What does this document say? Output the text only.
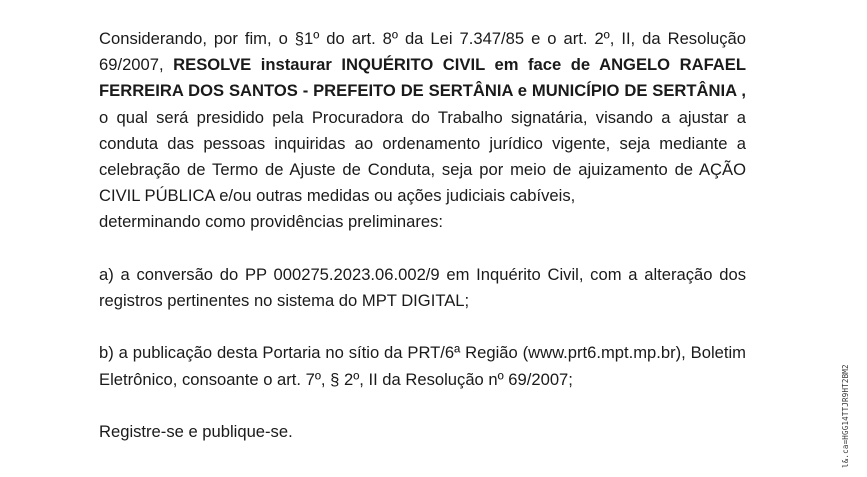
Considerando, por fim, o §1º do art. 8º da Lei 7.347/85 e o art. 2º, II, da Resolução 69/2007, RESOLVE instaurar INQUÉRITO CIVIL em face de ANGELO RAFAEL FERREIRA DOS SANTOS - PREFEITO DE SERTÂNIA e MUNICÍPIO DE SERTÂNIA , o qual será presidido pela Procuradora do Trabalho signatária, visando a ajustar a conduta das pessoas inquiridas ao ordenamento jurídico vigente, seja mediante a celebração de Termo de Ajuste de Conduta, seja por meio de ajuizamento de AÇÃO CIVIL PÚBLICA e/ou outras medidas ou ações judiciais cabíveis,

determinando como providências preliminares:

a) a conversão do PP 000275.2023.06.002/9 em Inquérito Civil, com a alteração dos registros pertinentes no sistema do MPT DIGITAL;

b) a publicação desta Portaria no sítio da PRT/6ª Região (www.prt6.mpt.mp.br), Boletim Eletrônico, consoante o art. 7º, § 2º, II da Resolução nº 69/2007;

Registre-se e publique-se.	l&.ca=HGG14TTJR9HT2BM2
